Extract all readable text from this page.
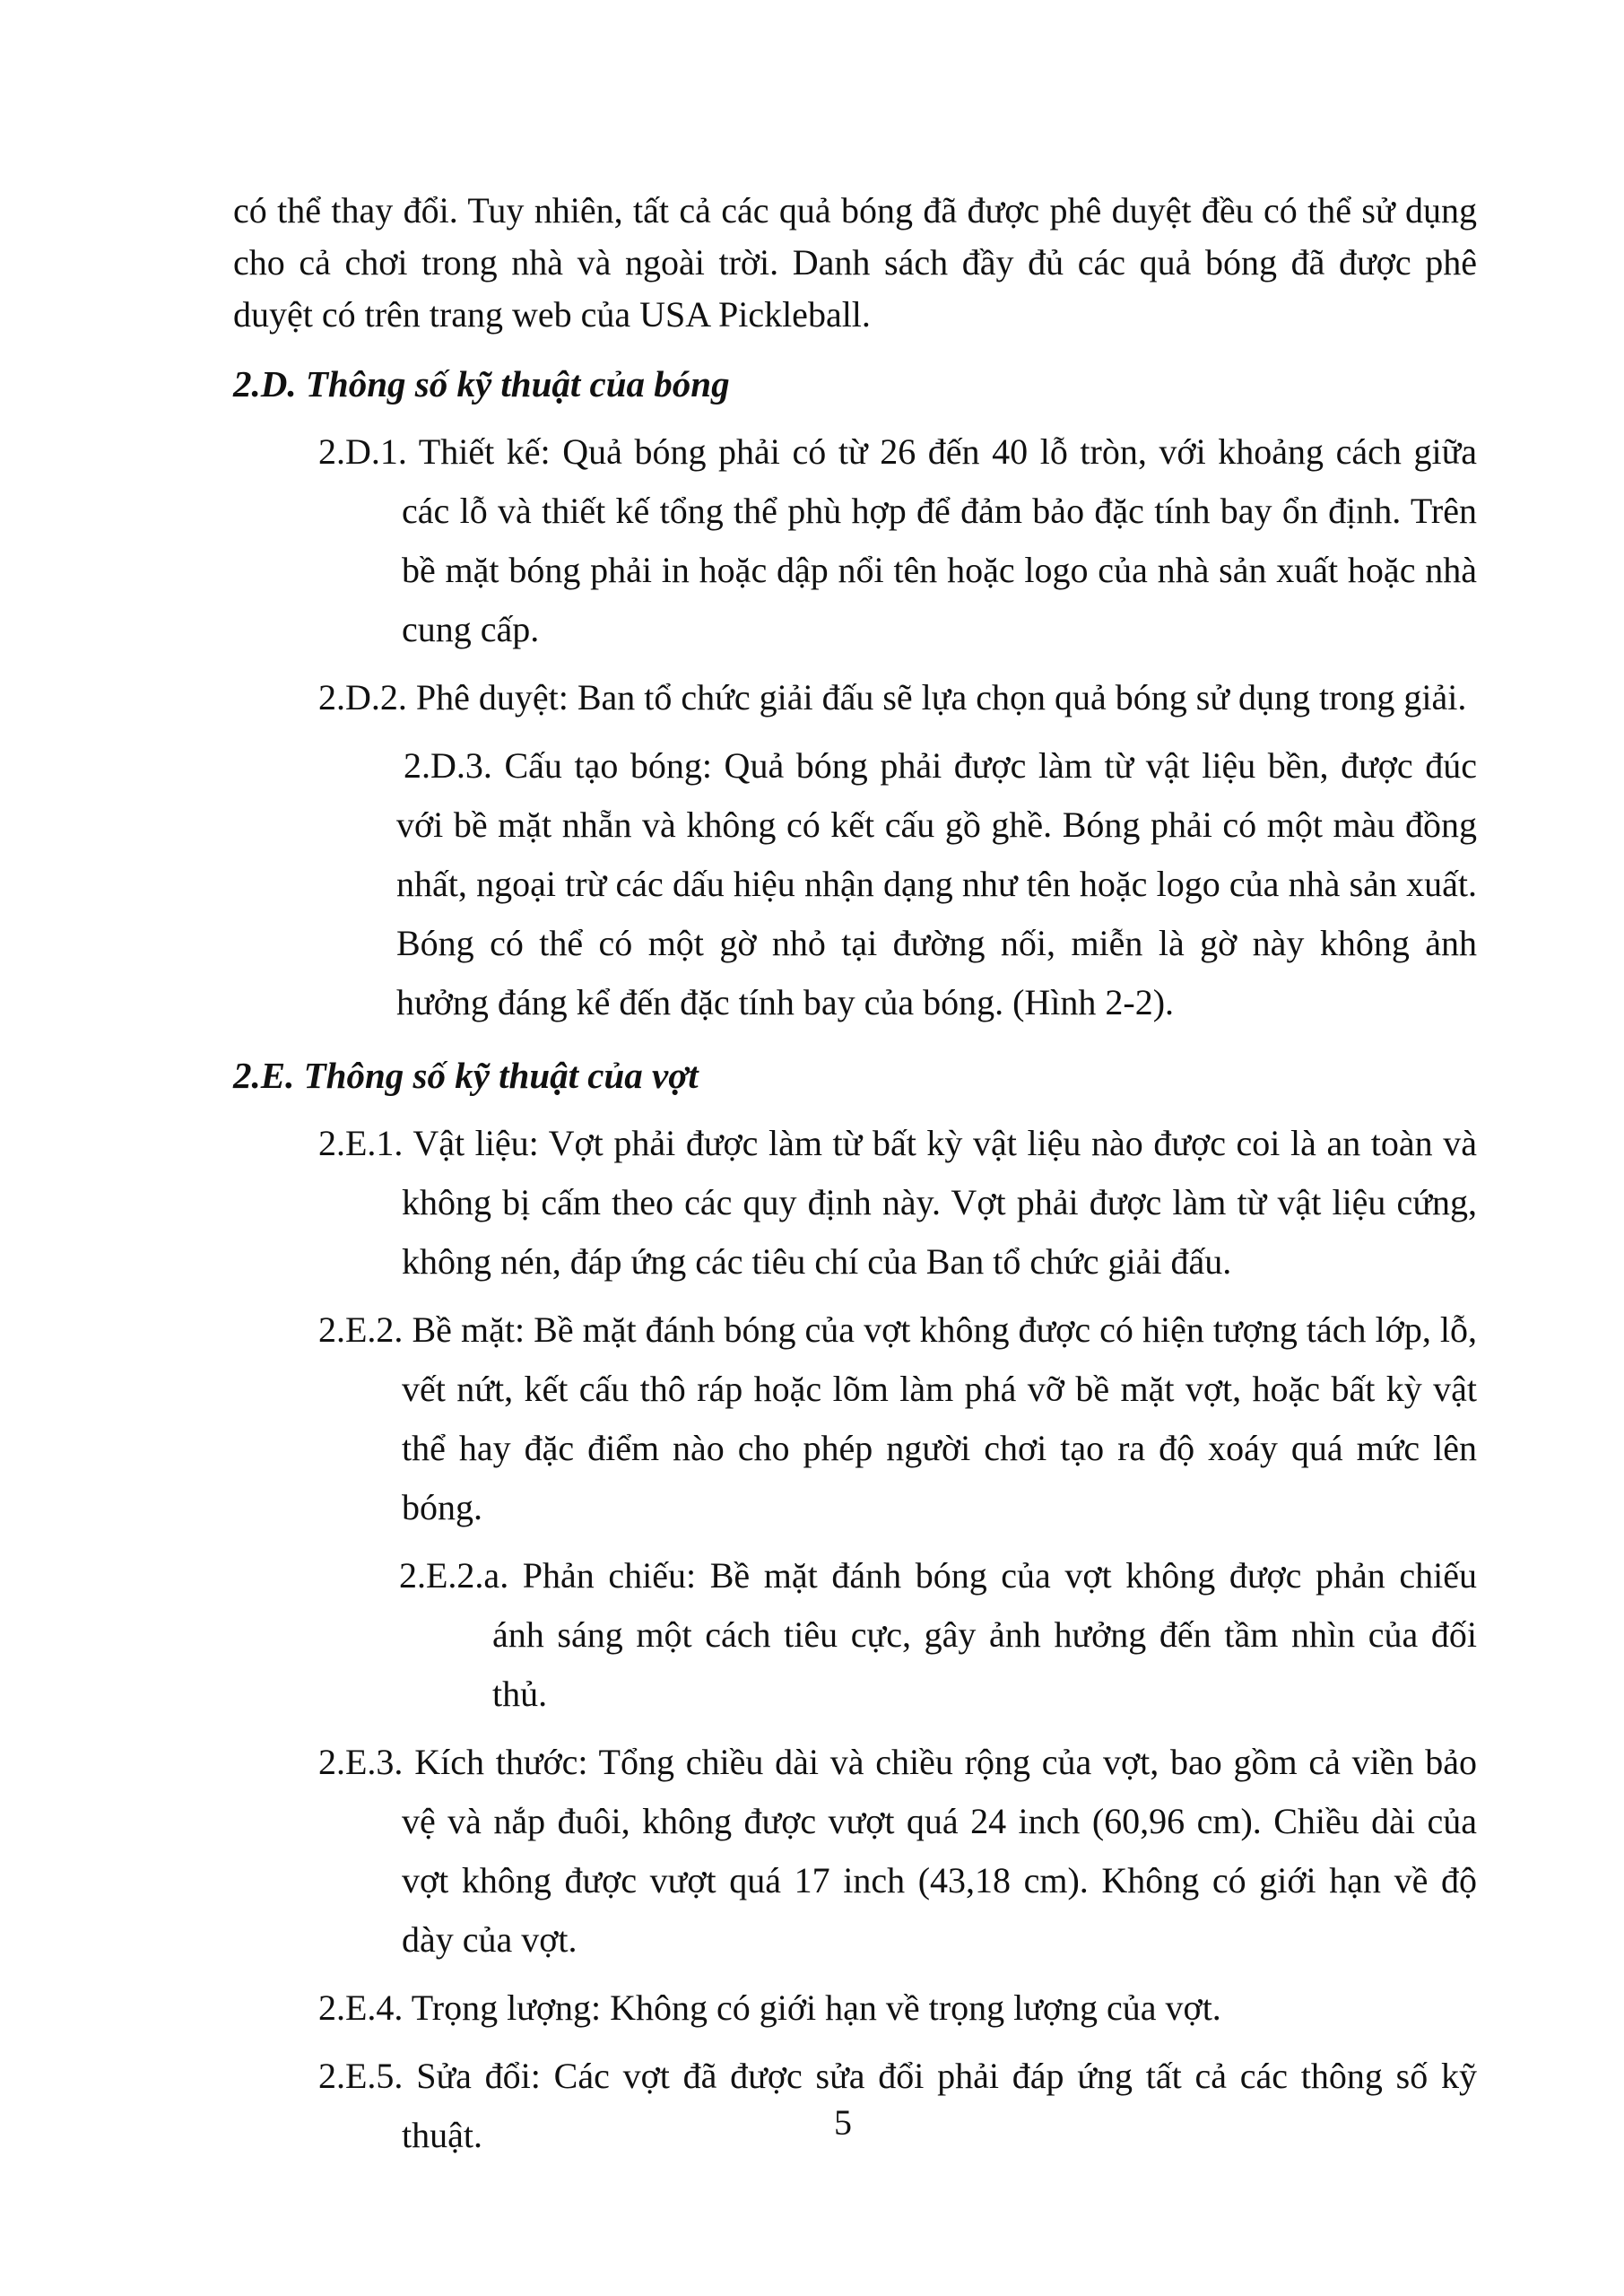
có thể thay đổi. Tuy nhiên, tất cả các quả bóng đã được phê duyệt đều có thể sử dụng cho cả chơi trong nhà và ngoài trời. Danh sách đầy đủ các quả bóng đã được phê duyệt có trên trang web của USA Pickleball.

2.D. Thông số kỹ thuật của bóng

2.D.1. Thiết kế: Quả bóng phải có từ 26 đến 40 lỗ tròn, với khoảng cách giữa các lỗ và thiết kế tổng thể phù hợp để đảm bảo đặc tính bay ổn định. Trên bề mặt bóng phải in hoặc dập nổi tên hoặc logo của nhà sản xuất hoặc nhà cung cấp.

2.D.2. Phê duyệt: Ban tổ chức giải đấu sẽ lựa chọn quả bóng sử dụng trong giải.

2.D.3. Cấu tạo bóng: Quả bóng phải được làm từ vật liệu bền, được đúc với bề mặt nhẵn và không có kết cấu gồ ghề. Bóng phải có một màu đồng nhất, ngoại trừ các dấu hiệu nhận dạng như tên hoặc logo của nhà sản xuất. Bóng có thể có một gờ nhỏ tại đường nối, miễn là gờ này không ảnh hưởng đáng kể đến đặc tính bay của bóng. (Hình 2-2).

2.E. Thông số kỹ thuật của vợt

2.E.1. Vật liệu: Vợt phải được làm từ bất kỳ vật liệu nào được coi là an toàn và không bị cấm theo các quy định này. Vợt phải được làm từ vật liệu cứng, không nén, đáp ứng các tiêu chí của Ban tổ chức giải đấu.

2.E.2. Bề mặt: Bề mặt đánh bóng của vợt không được có hiện tượng tách lớp, lỗ, vết nứt, kết cấu thô ráp hoặc lõm làm phá vỡ bề mặt vợt, hoặc bất kỳ vật thể hay đặc điểm nào cho phép người chơi tạo ra độ xoáy quá mức lên bóng.

2.E.2.a. Phản chiếu: Bề mặt đánh bóng của vợt không được phản chiếu ánh sáng một cách tiêu cực, gây ảnh hưởng đến tầm nhìn của đối thủ.

2.E.3. Kích thước: Tổng chiều dài và chiều rộng của vợt, bao gồm cả viền bảo vệ và nắp đuôi, không được vượt quá 24 inch (60,96 cm). Chiều dài của vợt không được vượt quá 17 inch (43,18 cm). Không có giới hạn về độ dày của vợt.

2.E.4. Trọng lượng: Không có giới hạn về trọng lượng của vợt.

2.E.5. Sửa đổi: Các vợt đã được sửa đổi phải đáp ứng tất cả các thông số kỹ thuật.	5
